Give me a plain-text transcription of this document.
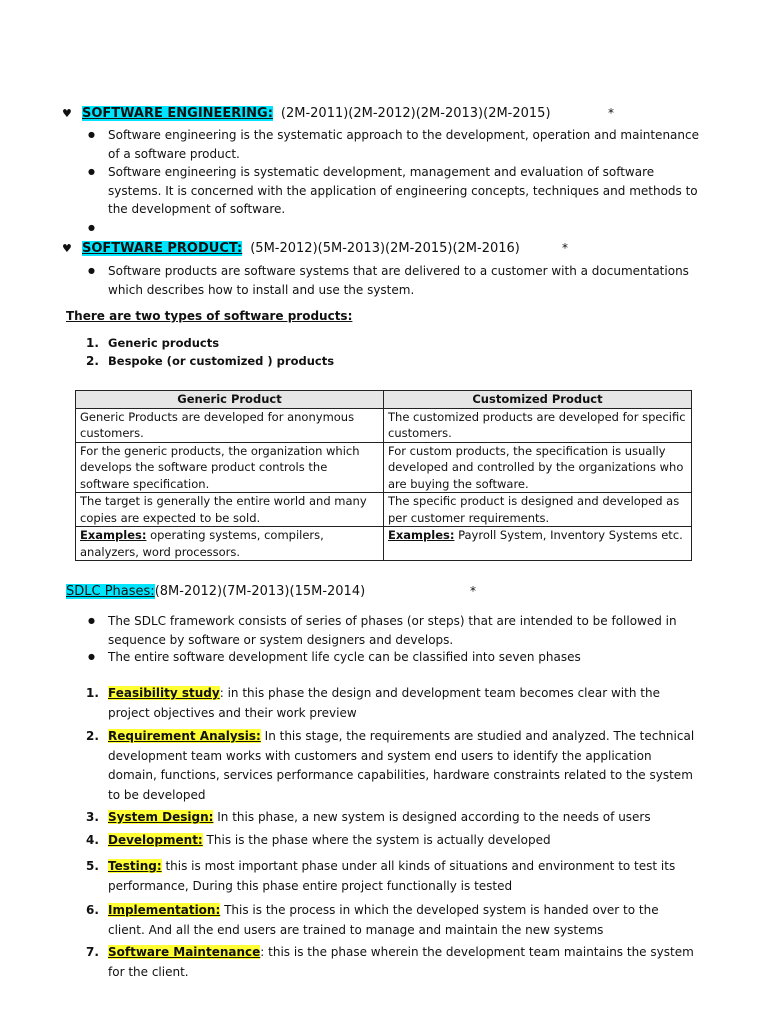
♥ SOFTWARE ENGINEERING: (2M-2011)(2M-2012)(2M-2013)(2M-2015)	*
● Software engineering is the systematic approach to the development, operation and maintenance of a software product.
● Software engineering is systematic development, management and evaluation of software systems. It is concerned with the application of engineering concepts, techniques and methods to the development of software.
●
♥ SOFTWARE PRODUCT: (5M-2012)(5M-2013)(2M-2015)(2M-2016)	*
● Software products are software systems that are delivered to a customer with a documentations which describes how to install and use the system.
There are two types of software products:
1. Generic products
2. Bespoke (or customized ) products
Generic Product	Customized Product
Generic Products are developed for anonymous customers.	The customized products are developed for specific customers.
For the generic products, the organization which develops the software product controls the software specification.	For custom products, the specification is usually developed and controlled by the organizations who are buying the software.
The target is generally the entire world and many copies are expected to be sold.	The specific product is designed and developed as per customer requirements.
Examples: operating systems, compilers, analyzers, word processors.	Examples: Payroll System, Inventory Systems etc.
SDLC Phases: (8M-2012)(7M-2013)(15M-2014)	*
● The SDLC framework consists of series of phases (or steps) that are intended to be followed in sequence by software or system designers and develops.
● The entire software development life cycle can be classified into seven phases
1. Feasibility study: in this phase the design and development team becomes clear with the project objectives and their work preview
2. Requirement Analysis: In this stage, the requirements are studied and analyzed. The technical development team works with customers and system end users to identify the application domain, functions, services performance capabilities, hardware constraints related to the system to be developed
3. System Design: In this phase, a new system is designed according to the needs of users
4. Development: This is the phase where the system is actually developed
5. Testing: this is most important phase under all kinds of situations and environment to test its performance, During this phase entire project functionally is tested
6. Implementation: This is the process in which the developed system is handed over to the client. And all the end users are trained to manage and maintain the new systems
7. Software Maintenance: this is the phase wherein the development team maintains the system for the client.
